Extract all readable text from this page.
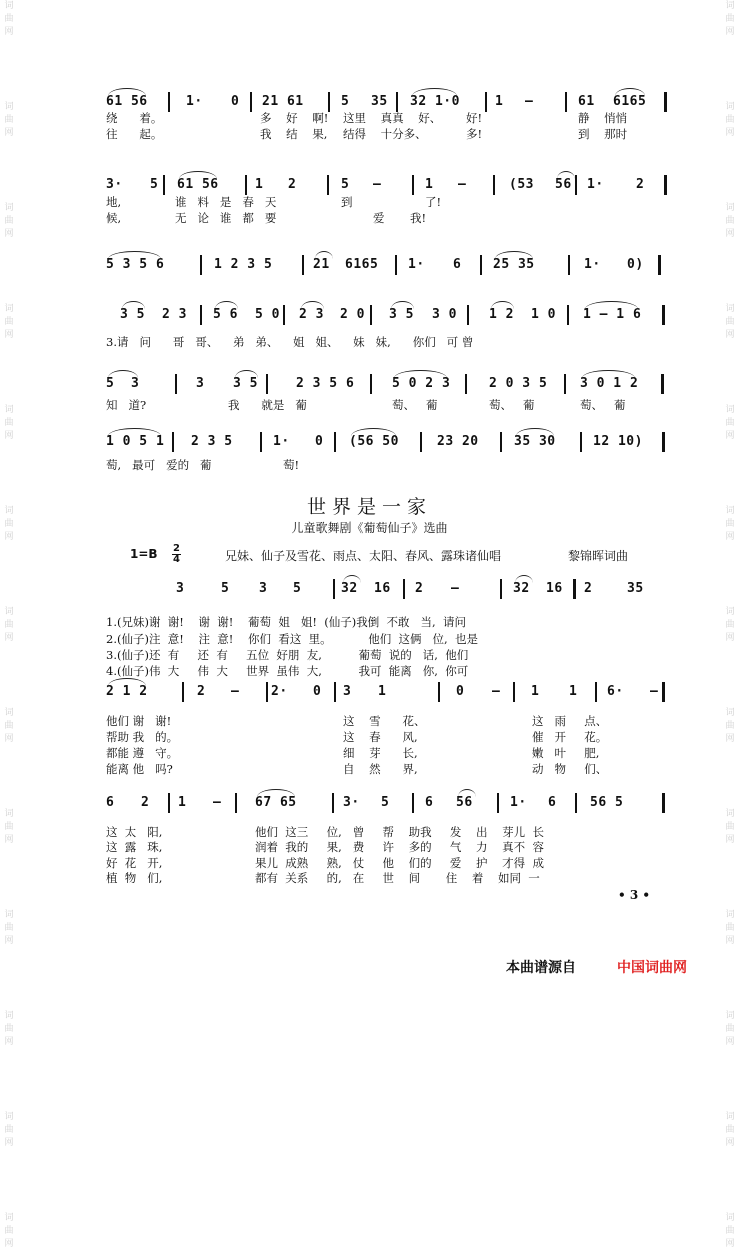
词
曲
网
词
曲
网
词
曲
网
词
曲
网
词
曲
网
词
曲
网
词
曲
网
词
曲
网
词
曲
网
词
曲
网
词
曲
网
词
曲
网
词
曲
网
词
曲
网
词
曲
网
词
曲
网
词
曲
网
词
曲
网
词
曲
网
词
曲
网
词
曲
网
词
曲
网
词
曲
网
词
曲
网
词
曲
网
词
曲
网
61 56	1· 0 21 61	5 35 32 1·0	1 –	61 6165
绕      着。	多    好    啊! 这里    真真    好、 好!	静    悄悄
往      起。	我    结    果, 结得    十分多、	多!	到    那时
3· 5 61 56	1 2	5 –	1 –	(53 56 1· 2
地,	谁   料   是   春   天	到	了!
候,	无   论   谁   都   要	爱 我!
5 3 5 6	1 2 3 5	21 6165 1· 6 25 35	1· 0)
3 5 2 3 5 6 5 0 2 3 2 0 3 5 3 0 1 2 1 0 1 – 1 6
3.请   问      哥   哥、    弟   弟、    姐   姐、    妹   妹,      你们   可 曾
5  3	3 3 5	2 3 5 6	5 0 2 3	2 0 3 5	3 0 1 2
知   道?	我      就是   葡	萄、   葡	萄、   葡	萄、   葡
1 0 5 1 2 3 5	1· 0 (56 50	23 20	35 30	12 10)
萄,   最可   爱的   葡	萄!
世界是一家
儿童歌舞剧《葡萄仙子》选曲
$1=B \frac{2}{4}$	兄妹、仙子及雪花、雨点、太阳、春风、露珠诸仙唱	黎锦晖词曲
3	5 3 5	32 16 2 –	32 16 2	35
1.(兄妹)谢  谢!    谢  谢!    葡萄  姐   姐!  (仙子)我倒  不敢   当,  请问
2.(仙子)注  意!    注  意!    你们  看这  里。          他们  这俩   位,  也是
3.(仙子)还  有     还  有     五位  好朋  友,          葡萄  说的   话,  他们
4.(仙子)伟  大     伟  大     世界  虽伟  大,          我可  能离   你,  你可
2 1 2	2 – 2· 0 3 1	0 – 1 1 6· –
他们 谢   谢!	这    雪      花、	这   雨     点、
帮助 我   的。	这    春      风,	催   开     花。
都能 遵   守。	细    芽      长,	嫩   叶     肥,
能离 他   吗?	自    然      界,	动   物     们、
6 2 1 –	67 65	3· 5	6 56	1· 6	56 5
这  太   阳,	他们  这三     位,   曾     帮    助我     发    出    芽儿  长
这  露   珠,	润着  我的     果,   费     许    多的     气    力    真不  容
好  花   开,	果儿  成熟     熟,   仗     他    们的     爱    护    才得  成
植  物   们,	都有  关系     的,   在     世    间       住    着    如同  一
• 3 •
本曲谱源自	中国词曲网
